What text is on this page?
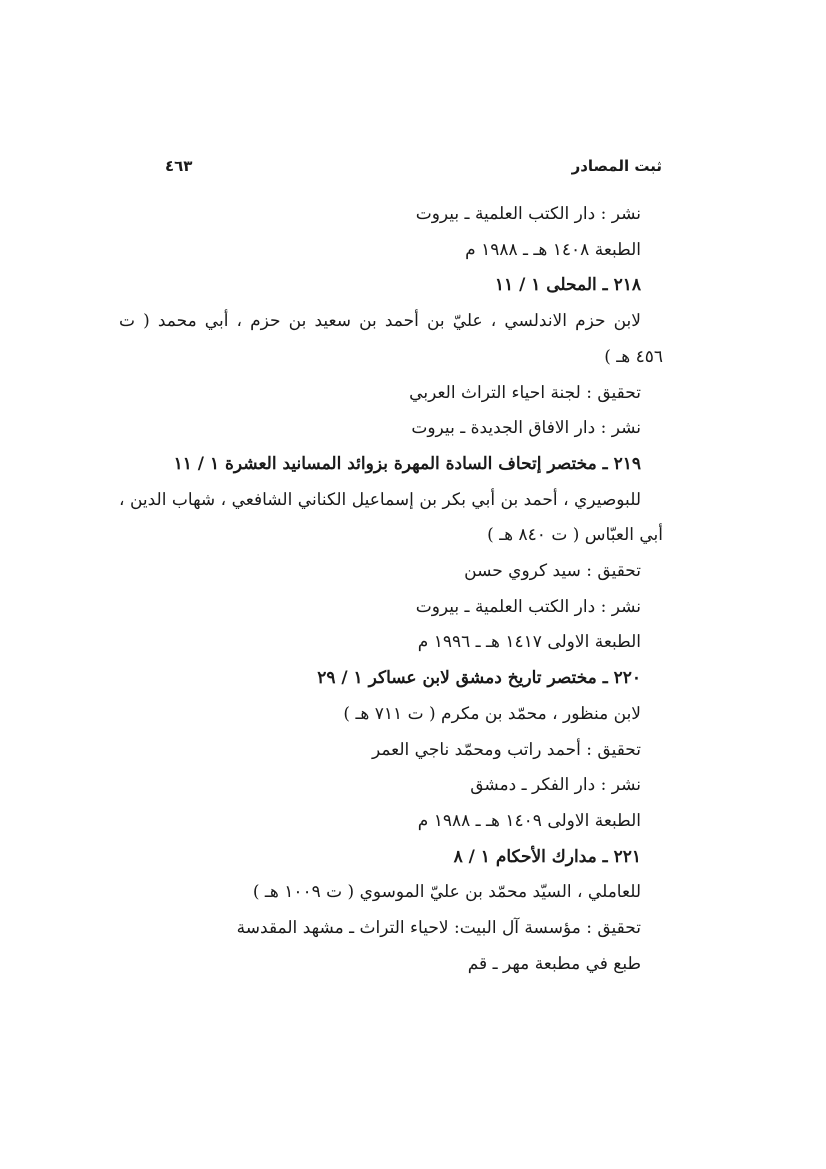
ثبت المصادر
٤٦٣
نشر : دار الكتب العلمية ـ بيروت
الطبعة ١٤٠٨ هـ ـ ١٩٨٨ م
٢١٨ ـ المحلى ١ / ١١
لابن حزم الاندلسي ، عليّ بن أحمد بن سعيد بن حزم ، أبي محمد ( ت
٤٥٦ هـ )
تحقيق : لجنة احياء التراث العربي
نشر : دار الافاق الجديدة ـ بيروت
٢١٩ ـ مختصر إتحاف السادة المهرة بزوائد المسانيد العشرة ١ / ١١
للبوصيري ، أحمد بن أبي بكر بن إسماعيل الكناني الشافعي ، شهاب الدين ،
أبي العبّاس ( ت ٨٤٠ هـ )
تحقيق : سيد كروي حسن
نشر : دار الكتب العلمية ـ بيروت
الطبعة الاولى ١٤١٧ هـ ـ ١٩٩٦ م
٢٢٠ ـ مختصر تاريخ دمشق لابن عساكر ١ / ٢٩
لابن منظور ، محمّد بن مكرم ( ت ٧١١ هـ )
تحقيق : أحمد راتب ومحمّد ناجي العمر
نشر : دار الفكر ـ دمشق
الطبعة الاولى ١٤٠٩ هـ ـ ١٩٨٨ م
٢٢١ ـ مدارك الأحكام ١ / ٨
للعاملي ، السيّد محمّد بن عليّ الموسوي ( ت ١٠٠٩ هـ )
تحقيق : مؤسسة آل البيت: لاحياء التراث ـ مشهد المقدسة
طبع في مطبعة مهر ـ قم
